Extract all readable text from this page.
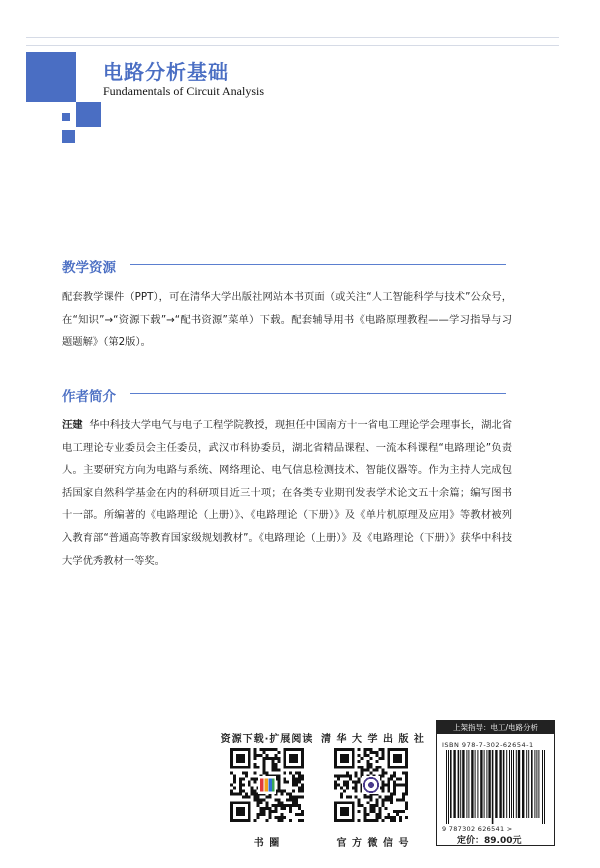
电路分析基础
Fundamentals of Circuit Analysis
教学资源
配套教学课件（PPT），可在清华大学出版社网站本书页面（或关注“人工智能科学与技术”公众号，在“知识”→“资源下载”→“配书资源”菜单）下载。配套辅导用书《电路原理教程——学习指导与习题题解》（第2版）。
作者简介
汪建 华中科技大学电气与电子工程学院教授，现担任中国南方十一省电工理论学会理事长，湖北省电工理论专业委员会主任委员，武汉市科协委员，湖北省精品课程、一流本科课程“电路理论”负责人。主要研究方向为电路与系统、网络理论、电气信息检测技术、智能仪器等。作为主持人完成包括国家自然科学基金在内的科研项目近三十项；在各类专业期刊发表学术论文五十余篇；编写图书十一部。所编著的《电路理论（上册）》、《电路理论（下册）》及《单片机原理及应用》等教材被列入教育部“普通高等教育国家级规划教材”。《电路理论（上册）》及《电路理论（下册）》获华中科技大学优秀教材一等奖。
资源下载·扩展阅读
书 圈
清 华 大 学 出 版 社
官 方 微 信 号
上架指导：电工/电路分析
ISBN 978-7-302-62654-1
9 787302 626541 >
定价：89.00元
